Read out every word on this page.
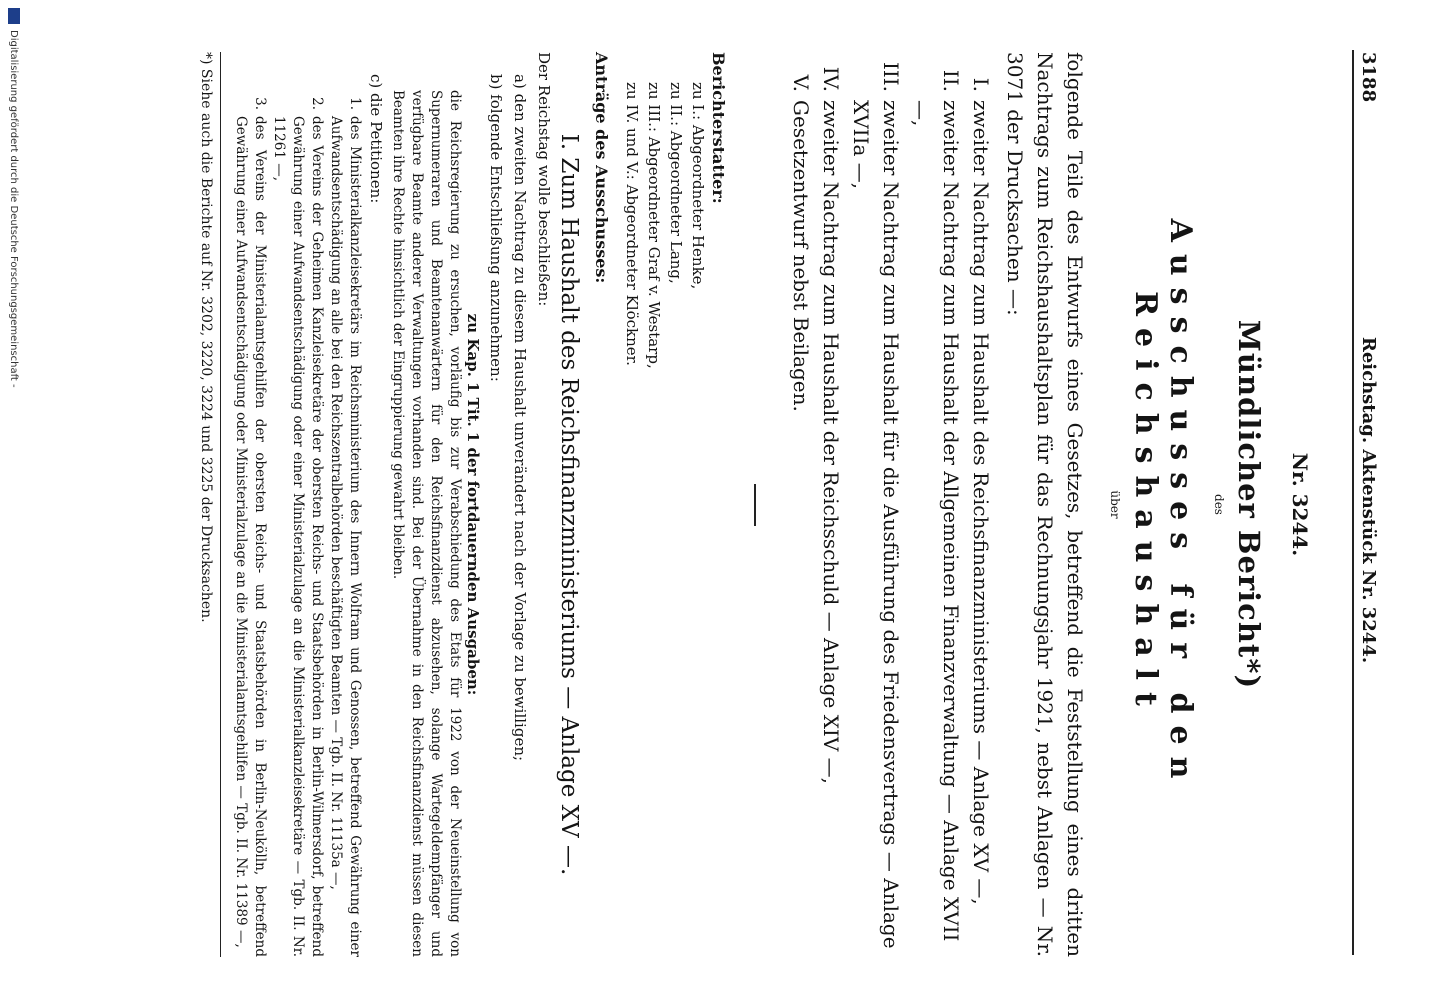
3188
Reichstag. Aktenstück Nr. 3244.
Nr. 3244.
Mündlicher Bericht*)
des
Ausschusses für den Reichshaushalt
über
folgende Teile des Entwurfs eines Gesetzes, betreffend die Feststellung eines dritten Nachtrags zum Reichshaushaltsplan für das Rechnungsjahr 1921, nebst Anlagen — Nr. 3071 der Drucksachen —:
I.
zweiter Nachtrag zum Haushalt des Reichsfinanzministeriums — Anlage XV —,
II.
zweiter Nachtrag zum Haushalt der Allgemeinen Finanzverwaltung — Anlage XVII —,
III.
zweiter Nachtrag zum Haushalt für die Ausführung des Friedensvertrags — Anlage XVIIa —,
IV.
zweiter Nachtrag zum Haushalt der Reichsschuld — Anlage XIV —,
V.
Gesetzentwurf nebst Beilagen.
Berichterstatter:
zu I.: Abgeordneter Henke,
zu II.: Abgeordneter Lang,
zu III.: Abgeordneter Graf v. Westarp,
zu IV. und V.: Abgeordneter Klöckner.
Anträge des Ausschusses:
I. Zum Haushalt des Reichsfinanzministeriums — Anlage XV —.
Der Reichstag wolle beschließen:
a) den zweiten Nachtrag zu diesem Haushalt unverändert nach der Vorlage zu bewilligen;
b) folgende Entschließung anzunehmen:
zu Kap. 1 Tit. 1 der fortdauernden Ausgaben:
die Reichsregierung zu ersuchen, vorläufig bis zur Verabschiedung des Etats für 1922 von der Neueinstellung von Supernumeraren und Beamtenanwärtern für den Reichsfinanzdienst abzusehen, solange Wartegeldempfänger und verfügbare Beamte anderer Verwaltungen vorhanden sind. Bei der Übernahme in den Reichsfinanzdienst müssen diesen Beamten ihre Rechte hinsichtlich der Eingruppierung gewahrt bleiben.
c) die Petitionen:
1.
des Ministerialkanzleisekretärs im Reichsministerium des Innern Wolfram und Genossen, betreffend Gewährung einer Aufwandsentschädigung an alle bei den Reichszentralbehörden beschäftigten Beamten — Tgb. II. Nr. 11135a —,
2.
des Vereins der Geheimen Kanzleisekretäre der obersten Reichs- und Staatsbehörden in Berlin-Wilmersdorf, betreffend Gewährung einer Aufwandsentschädigung oder einer Ministerialzulage an die Ministerialkanzleisekretäre — Tgb. II. Nr. 11261 —,
3.
des Vereins der Ministerialamtsgehilfen der obersten Reichs- und Staatsbehörden in Berlin-Neukölln, betreffend Gewährung einer Aufwandsentschädigung oder Ministerialzulage an die Ministerialamtsgehilfen — Tgb. II. Nr. 11389 —,
*) Siehe auch die Berichte auf Nr. 3202, 3220, 3224 und 3225 der Drucksachen.
Digitalisierung gefördert durch die Deutsche Forschungsgemeinschaft -
